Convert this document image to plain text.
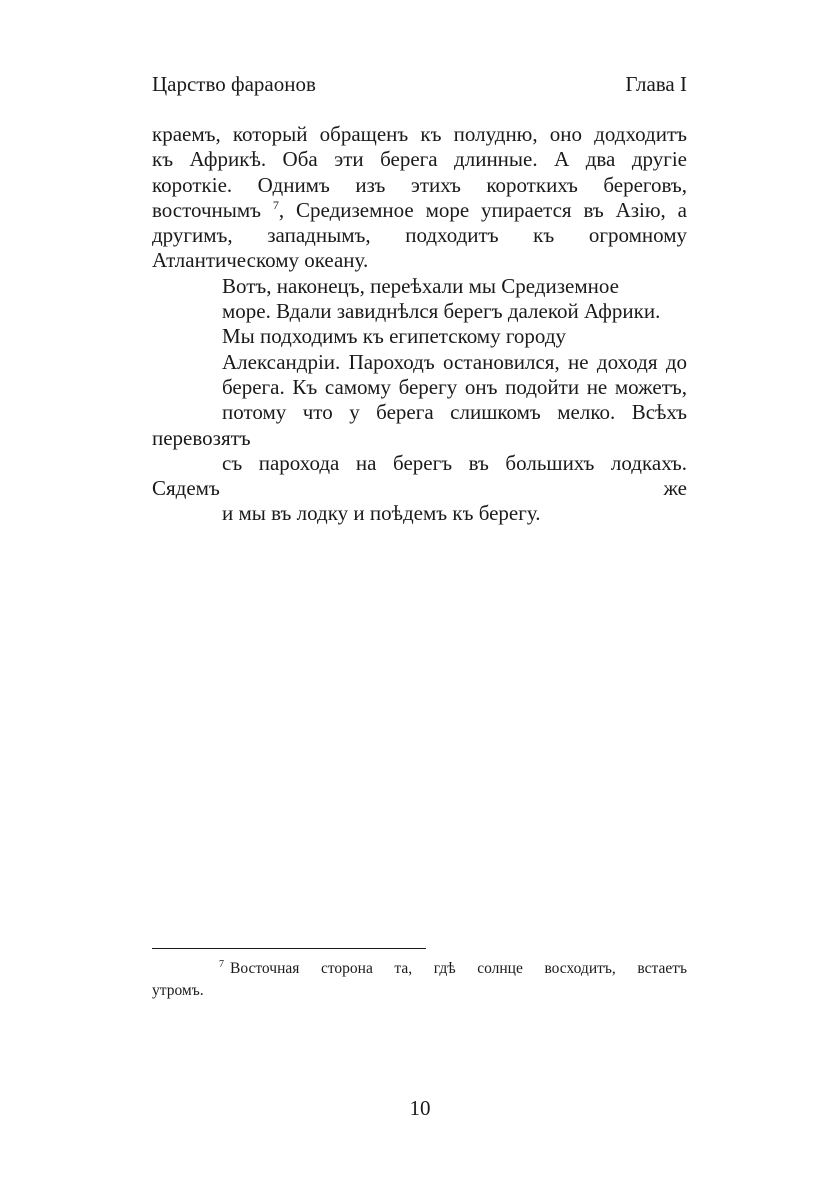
Царство фараонов	Глава I

краемъ, который обращенъ къ полудню, оно додходитъ
къ Африкѣ. Оба эти берега длинные. А два другіе
короткіе. Однимъ изъ этихъ короткихъ береговъ,
восточнымъ $^7$, Средиземное море упирается въ Азію, а
другимъ, западнымъ, подходитъ къ огромному
Атлантическому океану.

Вотъ, наконецъ, переѣхали мы Средиземное
море. Вдали завиднѣлся берегъ далекой Африки.

Мы подходимъ къ египетскому городу
Александріи. Пароходъ остановился, не доходя до
берега. Къ самому берегу онъ подойти не можетъ,
потому что у берега слишкомъ мелко. Всѣхъ перевозятъ
съ парохода на берегъ въ большихъ лодкахъ. Сядемъ же
и мы въ лодку и поѣдемъ къ берегу.

$^7$ Восточная сторона та, гдѣ солнце восходитъ, встаетъ
утромъ.
10
